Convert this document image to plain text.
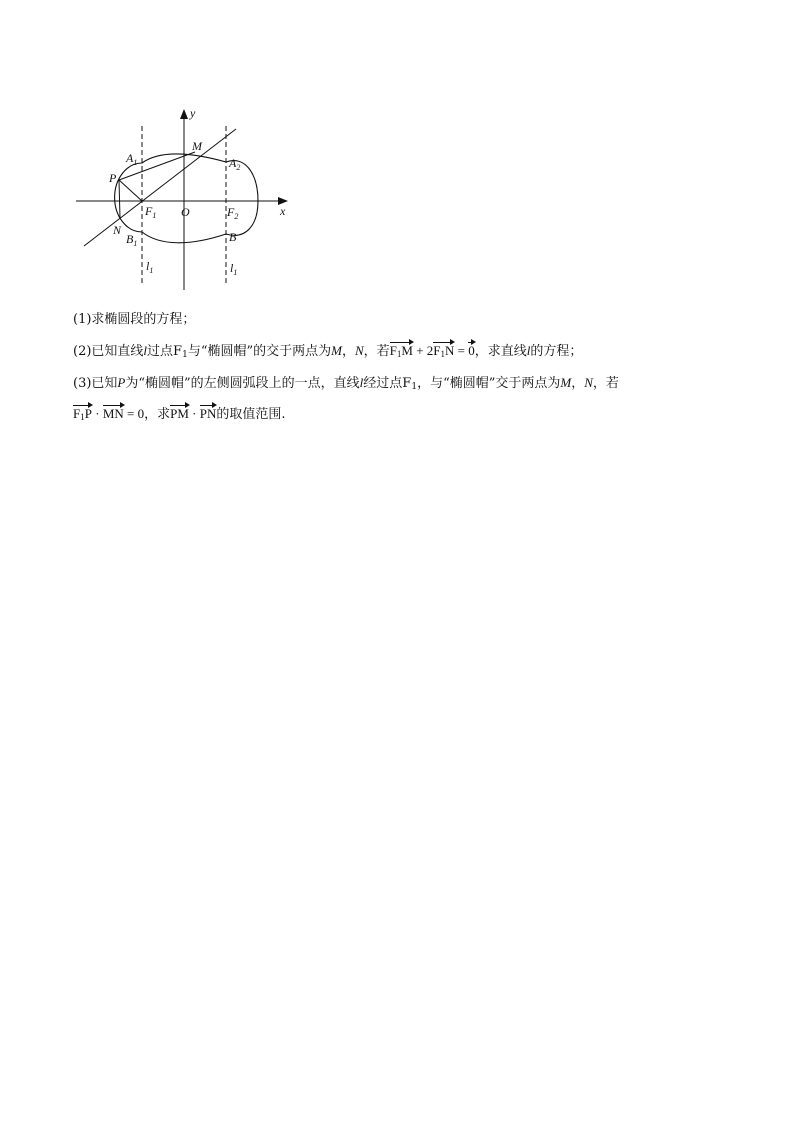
y
x
O
M
P
N
$A_1$	$A_2$
$F_1$	$F_2$
$B_1$	B
$l_1$	$l_1$
(1)求椭圆段的方程；
(2)已知直线l过点$F_1$与“椭圆帽”的交于两点为M，N，若$F_1M + 2F_1N = 0$，求直线l的方程；
(3)已知P为“椭圆帽”的左侧圆弧段上的一点，直线l经过点$F_1$，与“椭圆帽”交于两点为M，N，若
$F_1P$ · MN = 0，求PM · PN的取值范围.
